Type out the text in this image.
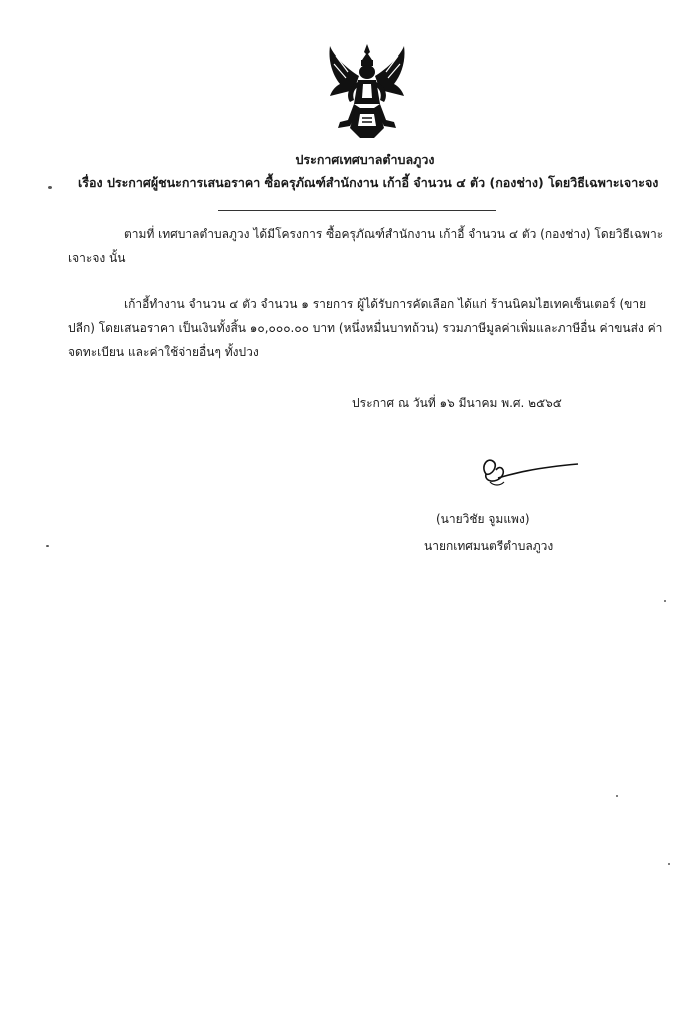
ประกาศเทศบาลตำบลภูวง
เรื่อง ประกาศผู้ชนะการเสนอราคา ซื้อครุภัณฑ์สำนักงาน เก้าอี้ จำนวน ๔ ตัว (กองช่าง) โดยวิธีเฉพาะเจาะจง
ตามที่ เทศบาลตำบลภูวง ได้มีโครงการ ซื้อครุภัณฑ์สำนักงาน เก้าอี้ จำนวน ๔ ตัว (กองช่าง) โดยวิธีเฉพาะเจาะจง นั้น
เก้าอี้ทำงาน จำนวน ๔ ตัว จำนวน ๑ รายการ ผู้ได้รับการคัดเลือก ได้แก่ ร้านนิคมไฮเทคเซ็นเตอร์ (ขายปลีก) โดยเสนอราคา เป็นเงินทั้งสิ้น ๑๐,๐๐๐.๐๐ บาท (หนึ่งหมื่นบาทถ้วน) รวมภาษีมูลค่าเพิ่มและภาษีอื่น ค่าขนส่ง ค่าจดทะเบียน และค่าใช้จ่ายอื่นๆ ทั้งปวง
ประกาศ ณ วันที่ ๑๖ มีนาคม พ.ศ. ๒๕๖๕
(นายวิชัย จูมแพง)
นายกเทศมนตรีตำบลภูวง
